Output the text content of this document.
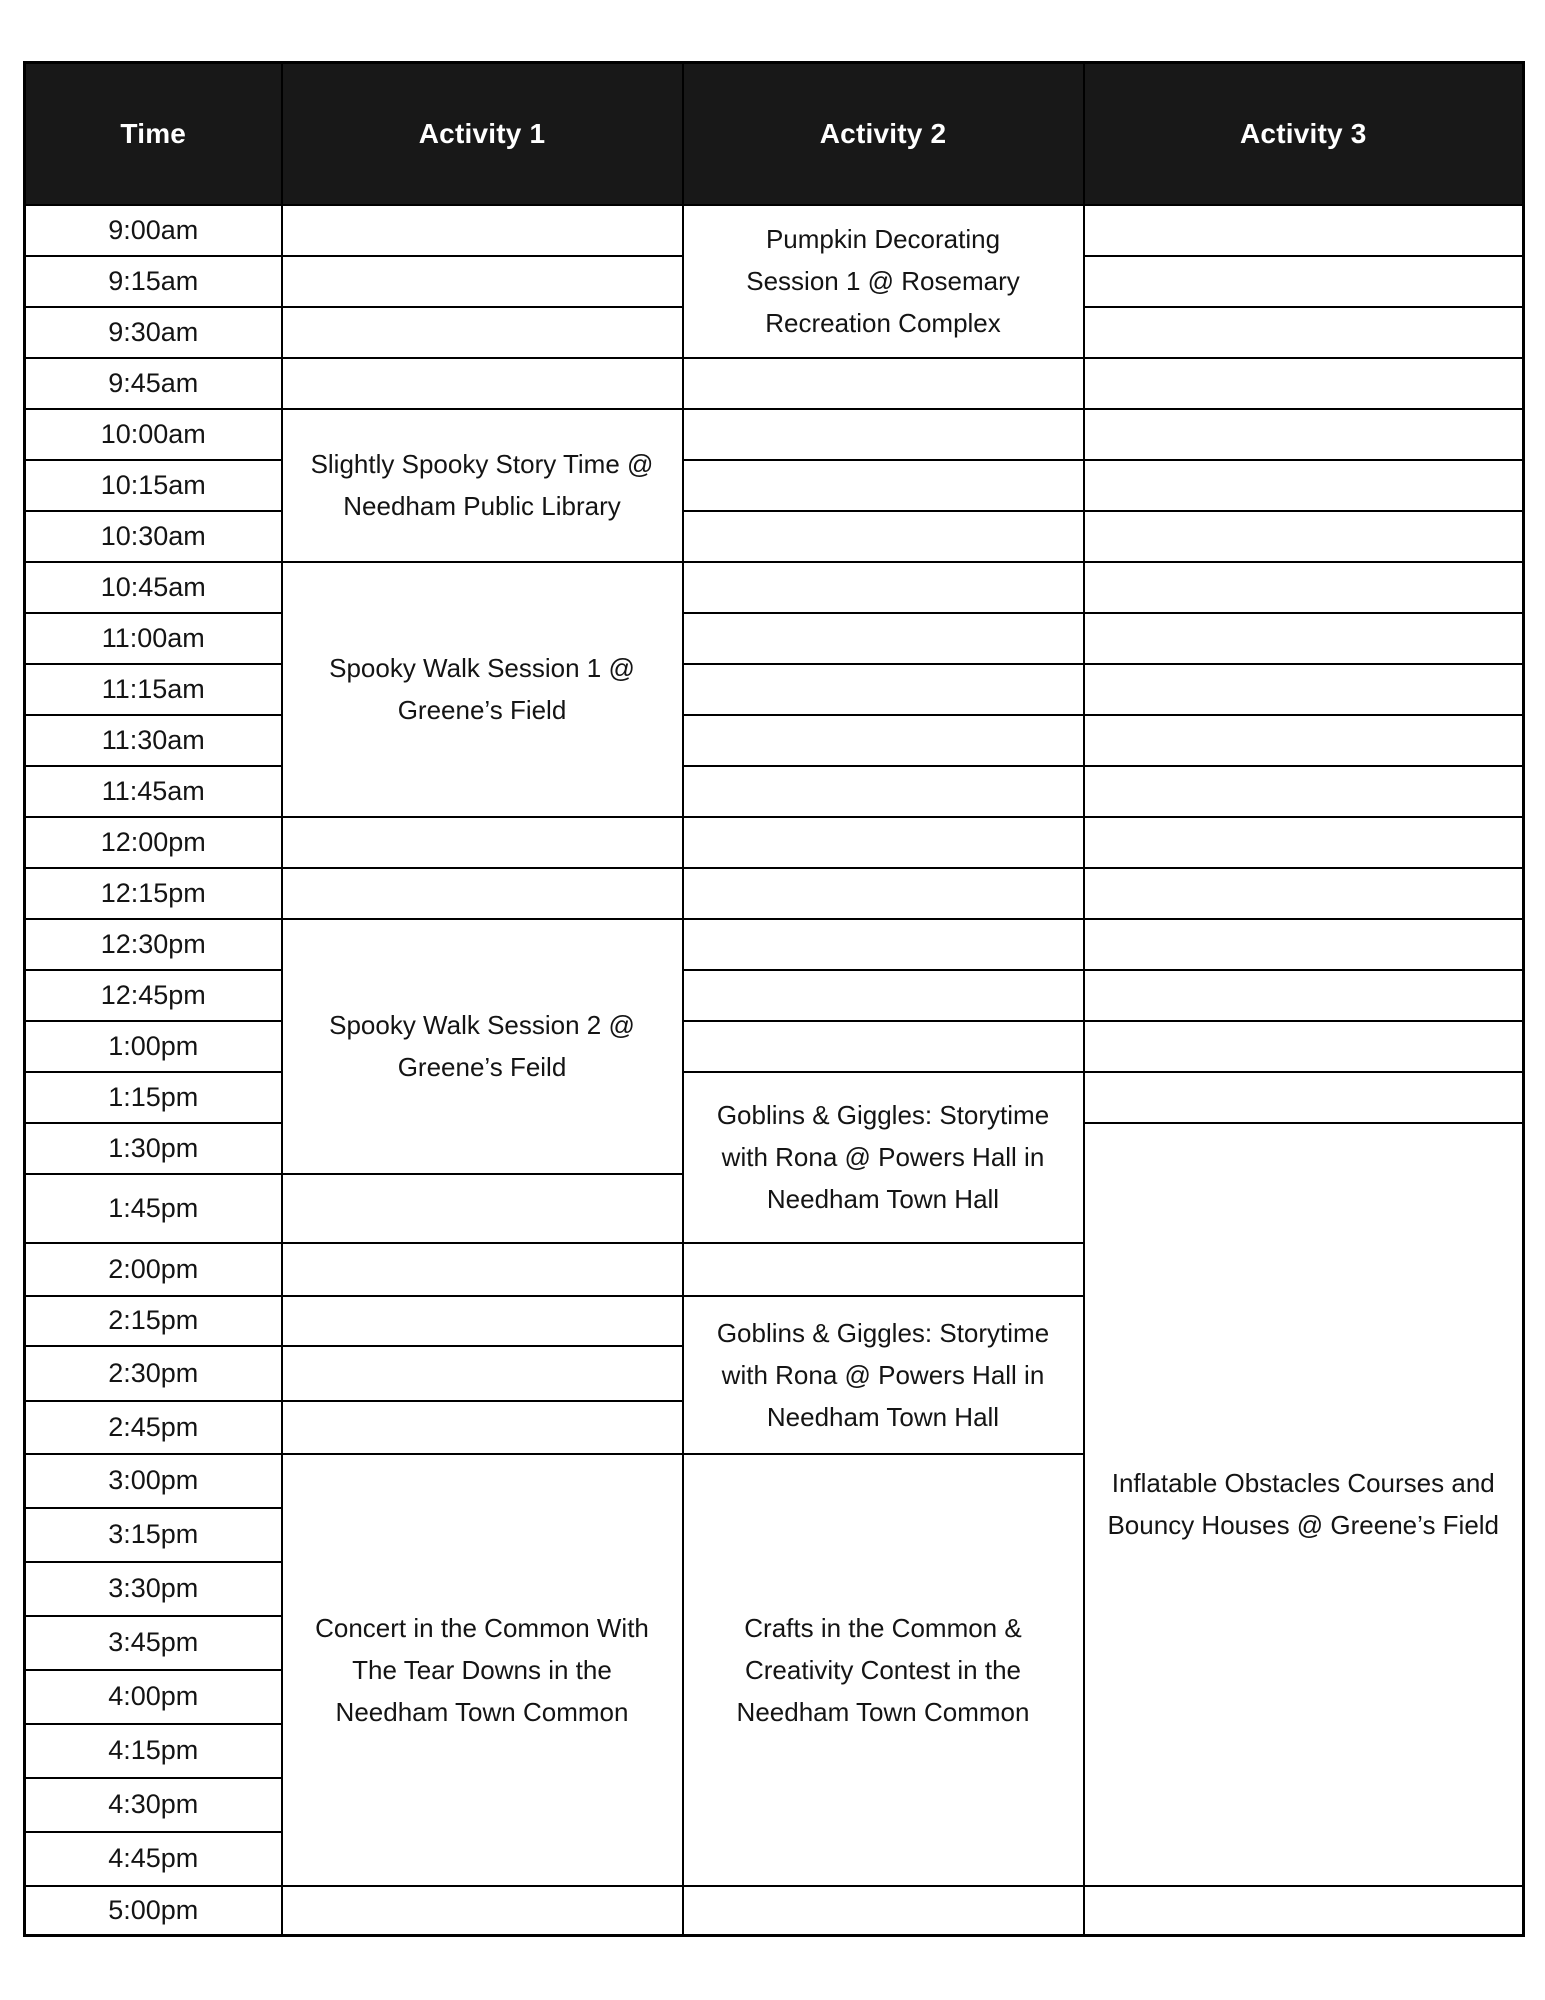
Time	Activity 1	Activity 2	Activity 3
9:00am		Pumpkin Decorating
Session 1 @ Rosemary
Recreation Complex	

9:15am			
9:30am			
9:45am			
10:00am	Slightly Spooky Story Time @
Needham Public Library		

10:15am			
10:30am			
10:45am	Spooky Walk Session 1 @
Greene’s Field		

11:00am			
11:15am			
11:30am			
11:45am			
12:00pm			
12:15pm			
12:30pm	Spooky Walk Session 2 @
Greene’s Feild		

12:45pm			
1:00pm			
1:15pm		Goblins & Giggles: Storytime
with Rona @ Powers Hall in
Needham Town Hall	

1:30pm			Inflatable Obstacles Courses and
Bouncy Houses @ Greene’s Field

1:45pm			
2:00pm			
2:15pm		Goblins & Giggles: Storytime
with Rona @ Powers Hall in
Needham Town Hall	

2:30pm			
2:45pm			
3:00pm	Concert in the Common With
The Tear Downs in the
Needham Town Common	Crafts in the Common &
Creativity Contest in the
Needham Town Common	

3:15pm			
3:30pm			
3:45pm			
4:00pm			
4:15pm			
4:30pm			
4:45pm			
5:00pm			
